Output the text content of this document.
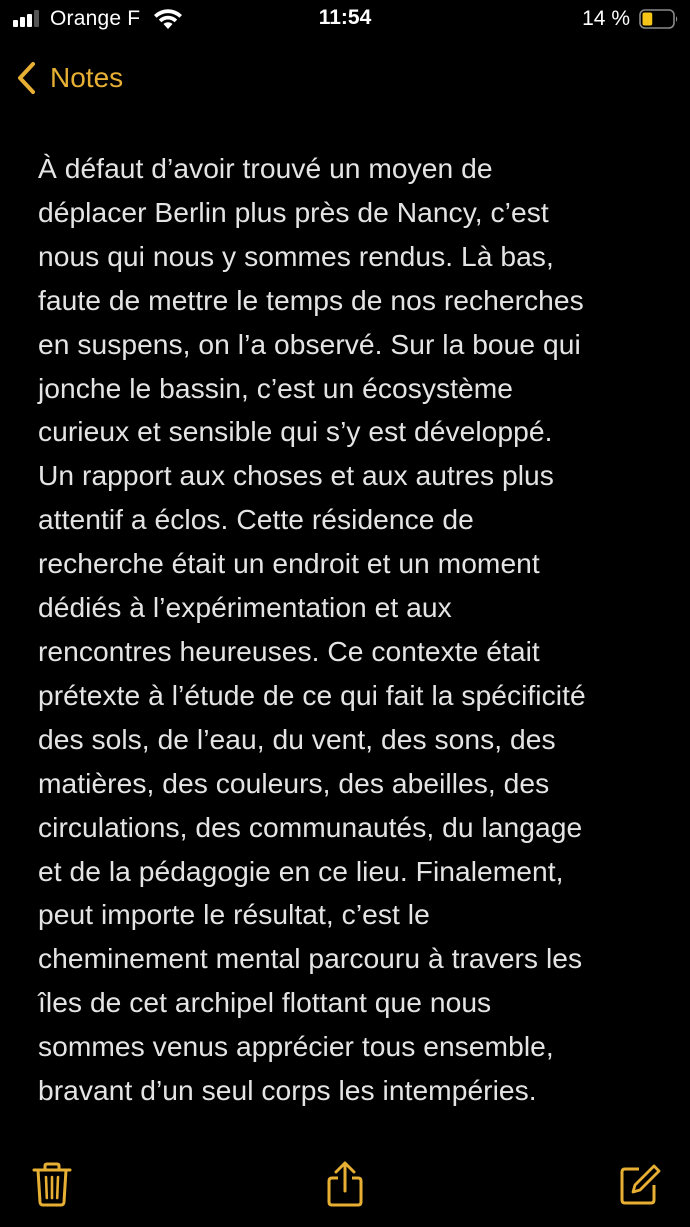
Orange F	11:54	14 %
Notes
À défaut d’avoir trouvé un moyen de
déplacer Berlin plus près de Nancy, c’est
nous qui nous y sommes rendus. Là bas,
faute de mettre le temps de nos recherches
en suspens, on l’a observé. Sur la boue qui
jonche le bassin, c’est un écosystème
curieux et sensible qui s’y est développé.
Un rapport aux choses et aux autres plus
attentif a éclos. Cette résidence de
recherche était un endroit et un moment
dédiés à l’expérimentation et aux
rencontres heureuses. Ce contexte était
prétexte à l’étude de ce qui fait la spécificité
des sols, de l’eau, du vent, des sons, des
matières, des couleurs, des abeilles, des
circulations, des communautés, du langage
et de la pédagogie en ce lieu. Finalement,
peut importe le résultat, c’est le
cheminement mental parcouru à travers les
îles de cet archipel flottant que nous
sommes venus apprécier tous ensemble,
bravant d’un seul corps les intempéries.
